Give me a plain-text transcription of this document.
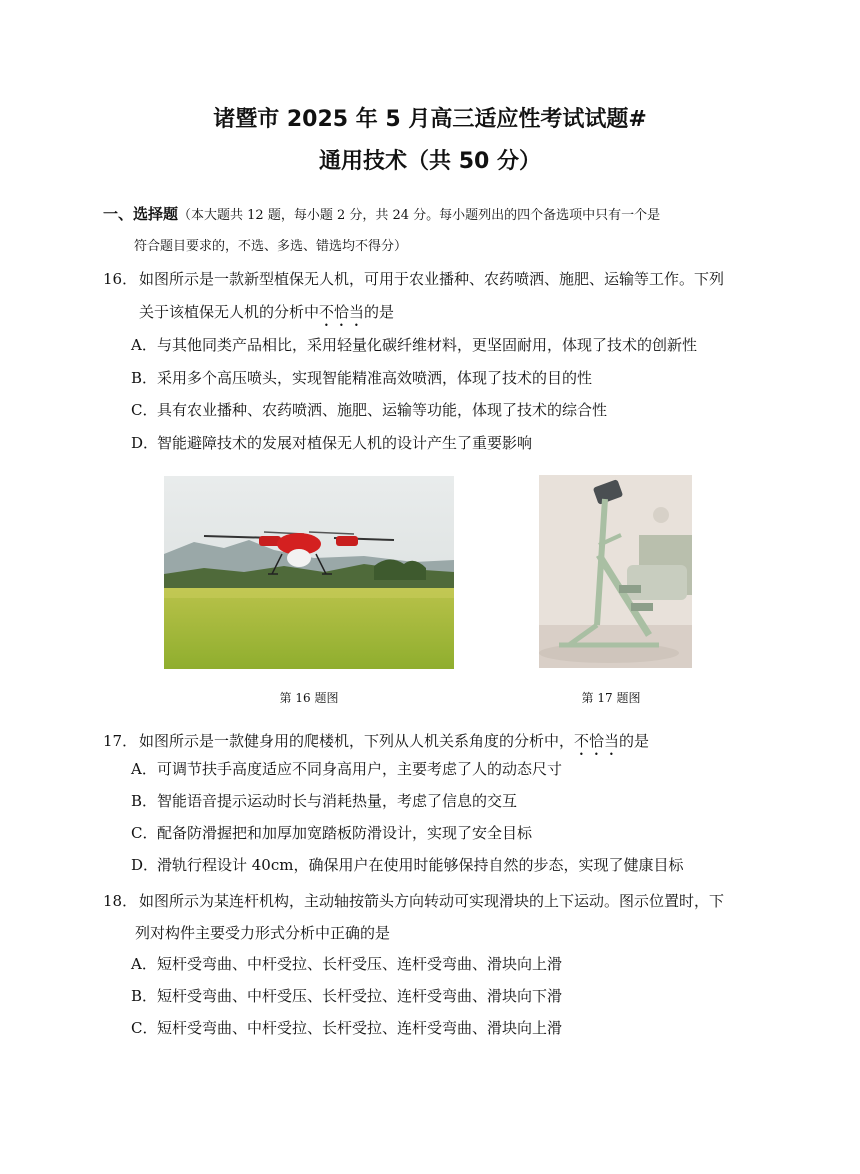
诸暨市 2025 年 5 月高三适应性考试试题#
通用技术（共 50 分）
一、选择题（本大题共 12 题，每小题 2 分，共 24 分。每小题列出的四个备选项中只有一个是
符合题目要求的，不选、多选、错选均不得分）
16． 如图所示是一款新型植保无人机，可用于农业播种、农药喷洒、施肥、运输等工作。下列
关于该植保无人机的分析中不恰当的是
A．与其他同类产品相比，采用轻量化碳纤维材料，更坚固耐用，体现了技术的创新性
B．采用多个高压喷头，实现智能精准高效喷洒，体现了技术的目的性
C．具有农业播种、农药喷洒、施肥、运输等功能，体现了技术的综合性
D．智能避障技术的发展对植保无人机的设计产生了重要影响
第 16 题图	第 17 题图
17． 如图所示是一款健身用的爬楼机，下列从人机关系角度的分析中，不恰当的是
A．可调节扶手高度适应不同身高用户，主要考虑了人的动态尺寸
B．智能语音提示运动时长与消耗热量，考虑了信息的交互
C．配备防滑握把和加厚加宽踏板防滑设计，实现了安全目标
D．滑轨行程设计 40cm，确保用户在使用时能够保持自然的步态，实现了健康目标
18． 如图所示为某连杆机构，主动轴按箭头方向转动可实现滑块的上下运动。图示位置时，下
列对构件主要受力形式分析中正确的是
A．短杆受弯曲、中杆受拉、长杆受压、连杆受弯曲、滑块向上滑
B．短杆受弯曲、中杆受压、长杆受拉、连杆受弯曲、滑块向下滑
C．短杆受弯曲、中杆受拉、长杆受拉、连杆受弯曲、滑块向上滑
